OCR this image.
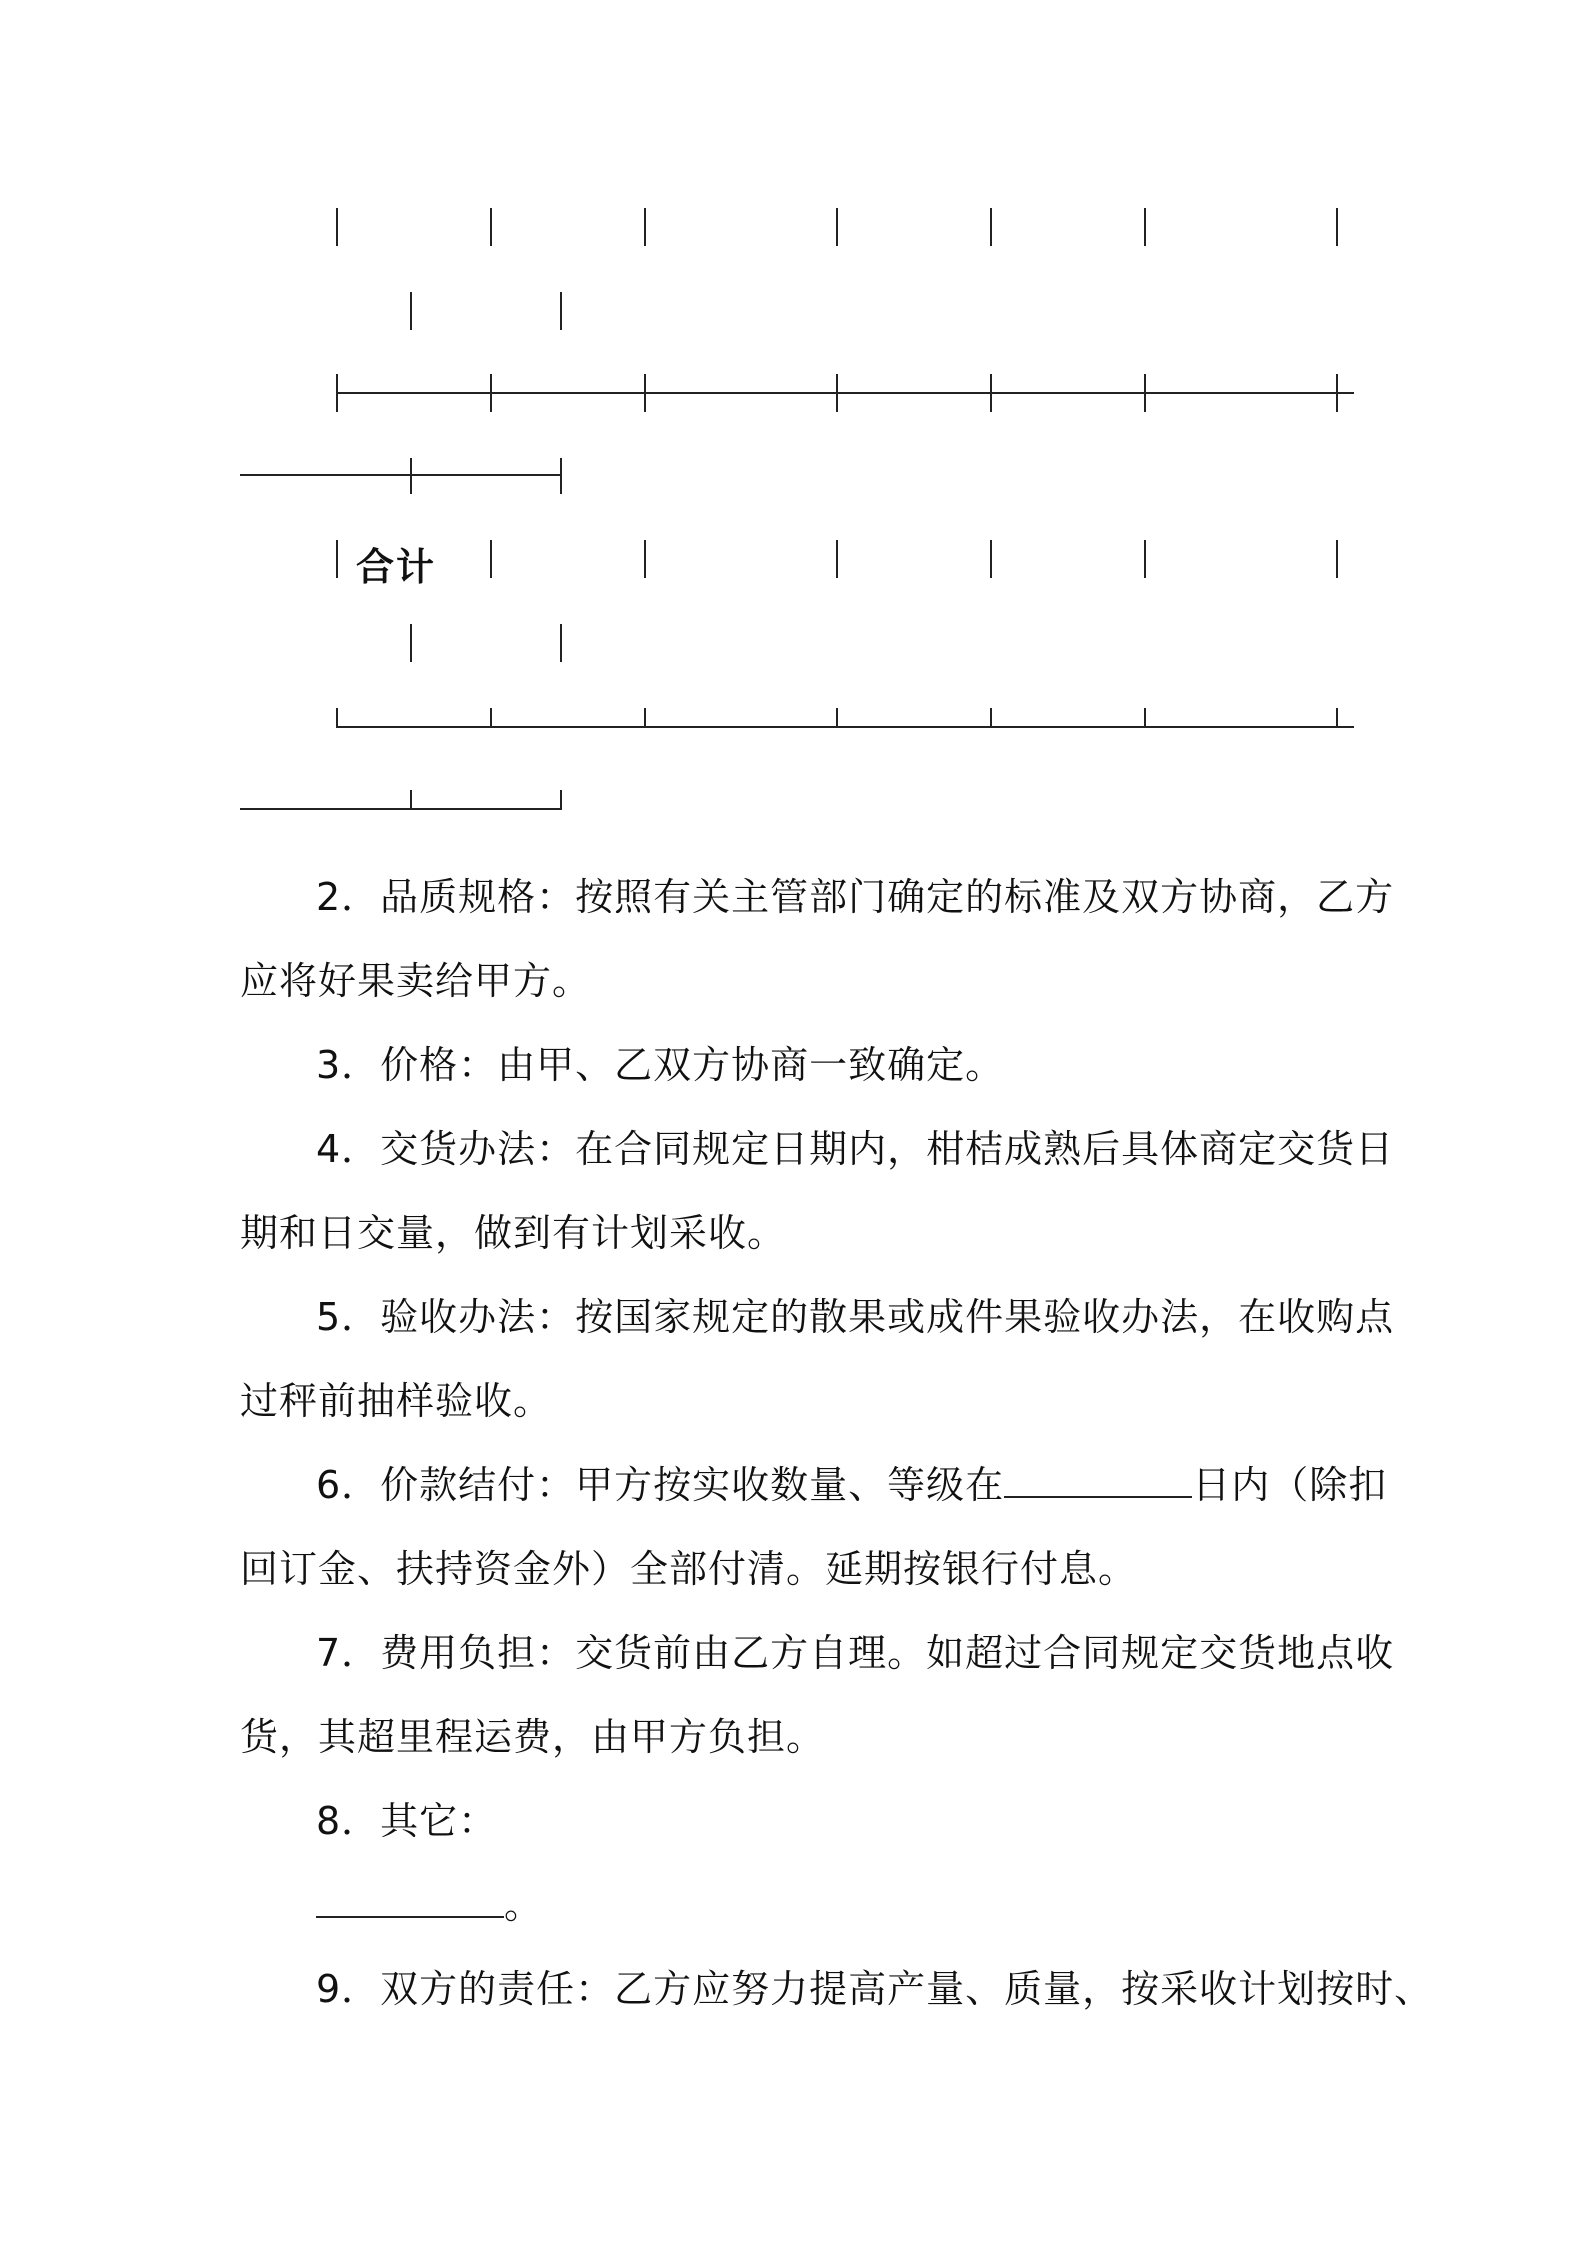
合计
2．品质规格：按照有关主管部门确定的标准及双方协商，乙方
应将好果卖给甲方。
3．价格：由甲、乙双方协商一致确定。
4．交货办法：在合同规定日期内，柑桔成熟后具体商定交货日
期和日交量，做到有计划采收。
5．验收办法：按国家规定的散果或成件果验收办法，在收购点
过秤前抽样验收。
6．价款结付：甲方按实收数量、等级在	日内（除扣
回订金、扶持资金外）全部付清。延期按银行付息。
7．费用负担：交货前由乙方自理。如超过合同规定交货地点收
货，其超里程运费，由甲方负担。
8．其它：
。
9．双方的责任：乙方应努力提高产量、质量，按采收计划按时、
